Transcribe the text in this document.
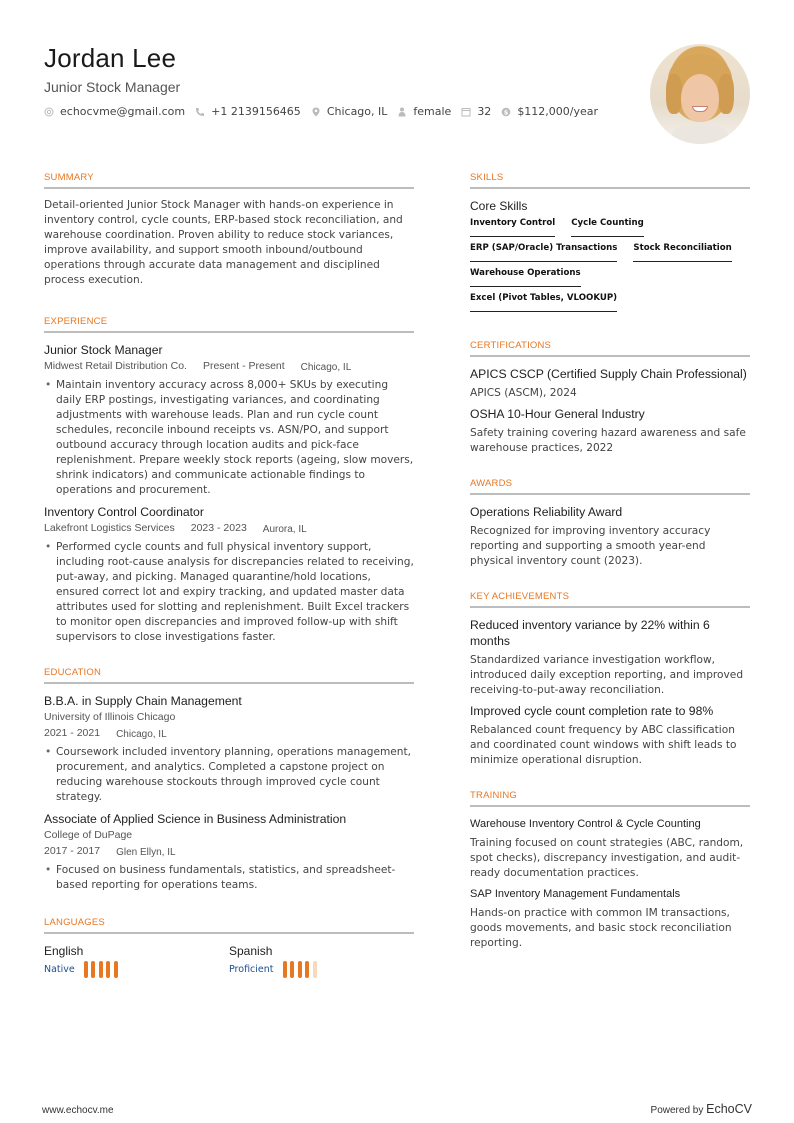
Jordan Lee
Junior Stock Manager
echocvme@gmail.com +1 2139156465 Chicago, IL female 32 $ $112,000/year
SUMMARY
Detail-oriented Junior Stock Manager with hands-on experience in inventory control, cycle counts, ERP-based stock reconciliation, and warehouse coordination. Proven ability to reduce stock variances, improve availability, and support smooth inbound/outbound operations through accurate data management and disciplined process execution.
EXPERIENCE
Junior Stock Manager
Midwest Retail Distribution Co. Present - Present Chicago, IL
• Maintain inventory accuracy across 8,000+ SKUs by executing daily ERP postings, investigating variances, and coordinating adjustments with warehouse leads. Plan and run cycle count schedules, reconcile inbound receipts vs. ASN/PO, and support outbound accuracy through location audits and pick-face replenishment. Prepare weekly stock reports (ageing, slow movers, shrink indicators) and communicate actionable findings to operations and procurement.
Inventory Control Coordinator
Lakefront Logistics Services 2023 - 2023 Aurora, IL
• Performed cycle counts and full physical inventory support, including root-cause analysis for discrepancies related to receiving, put-away, and picking. Managed quarantine/hold locations, ensured correct lot and expiry tracking, and updated master data attributes used for slotting and replenishment. Built Excel trackers to monitor open discrepancies and improved follow-up with shift supervisors to close investigations faster.
EDUCATION
B.B.A. in Supply Chain Management
University of Illinois Chicago
2021 - 2021 Chicago, IL
• Coursework included inventory planning, operations management, procurement, and analytics. Completed a capstone project on reducing warehouse stockouts through improved cycle count strategy.
Associate of Applied Science in Business Administration
College of DuPage
2017 - 2017 Glen Ellyn, IL
• Focused on business fundamentals, statistics, and spreadsheet-based reporting for operations teams.
LANGUAGES
English
Native
Spanish
Proficient
SKILLS
Core Skills
Inventory Control Cycle Counting
ERP (SAP/Oracle) Transactions Stock Reconciliation
Warehouse Operations
Excel (Pivot Tables, VLOOKUP)
CERTIFICATIONS
APICS CSCP (Certified Supply Chain Professional)
APICS (ASCM), 2024
OSHA 10-Hour General Industry
Safety training covering hazard awareness and safe warehouse practices, 2022
AWARDS
Operations Reliability Award
Recognized for improving inventory accuracy reporting and supporting a smooth year-end physical inventory count (2023).
KEY ACHIEVEMENTS
Reduced inventory variance by 22% within 6 months
Standardized variance investigation workflow, introduced daily exception reporting, and improved receiving-to-put-away reconciliation.
Improved cycle count completion rate to 98%
Rebalanced count frequency by ABC classification and coordinated count windows with shift leads to minimize operational disruption.
TRAINING
Warehouse Inventory Control & Cycle Counting
Training focused on count strategies (ABC, random, spot checks), discrepancy investigation, and audit-ready documentation practices.
SAP Inventory Management Fundamentals
Hands-on practice with common IM transactions, goods movements, and basic stock reconciliation reporting.
www.echocv.me	Powered by EchoCV
